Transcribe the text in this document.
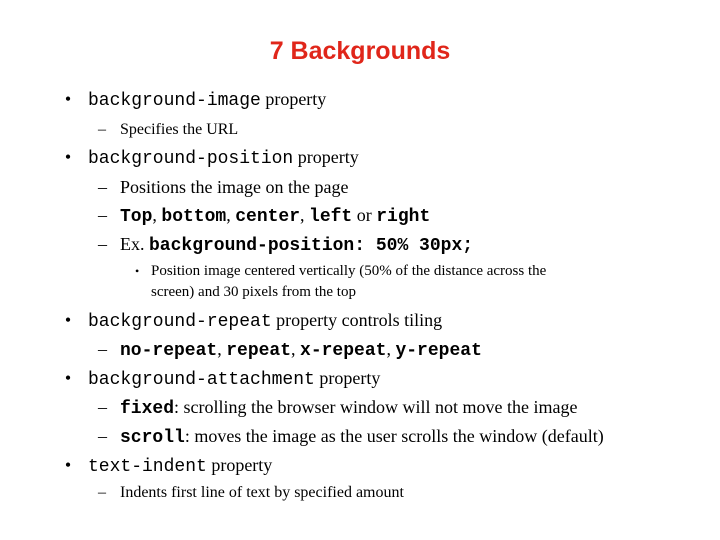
7 Backgrounds
• background-image property
– Specifies the URL
• background-position property
– Positions the image on the page
– Top, bottom, center, left or right
– Ex. background-position: 50% 30px;
• Position image centered vertically (50% of the distance across the
screen) and 30 pixels from the top
• background-repeat property controls tiling
– no-repeat, repeat, x-repeat, y-repeat
• background-attachment property
– fixed: scrolling the browser window will not move the image
– scroll: moves the image as the user scrolls the window (default)
• text-indent property
– Indents first line of text by specified amount
